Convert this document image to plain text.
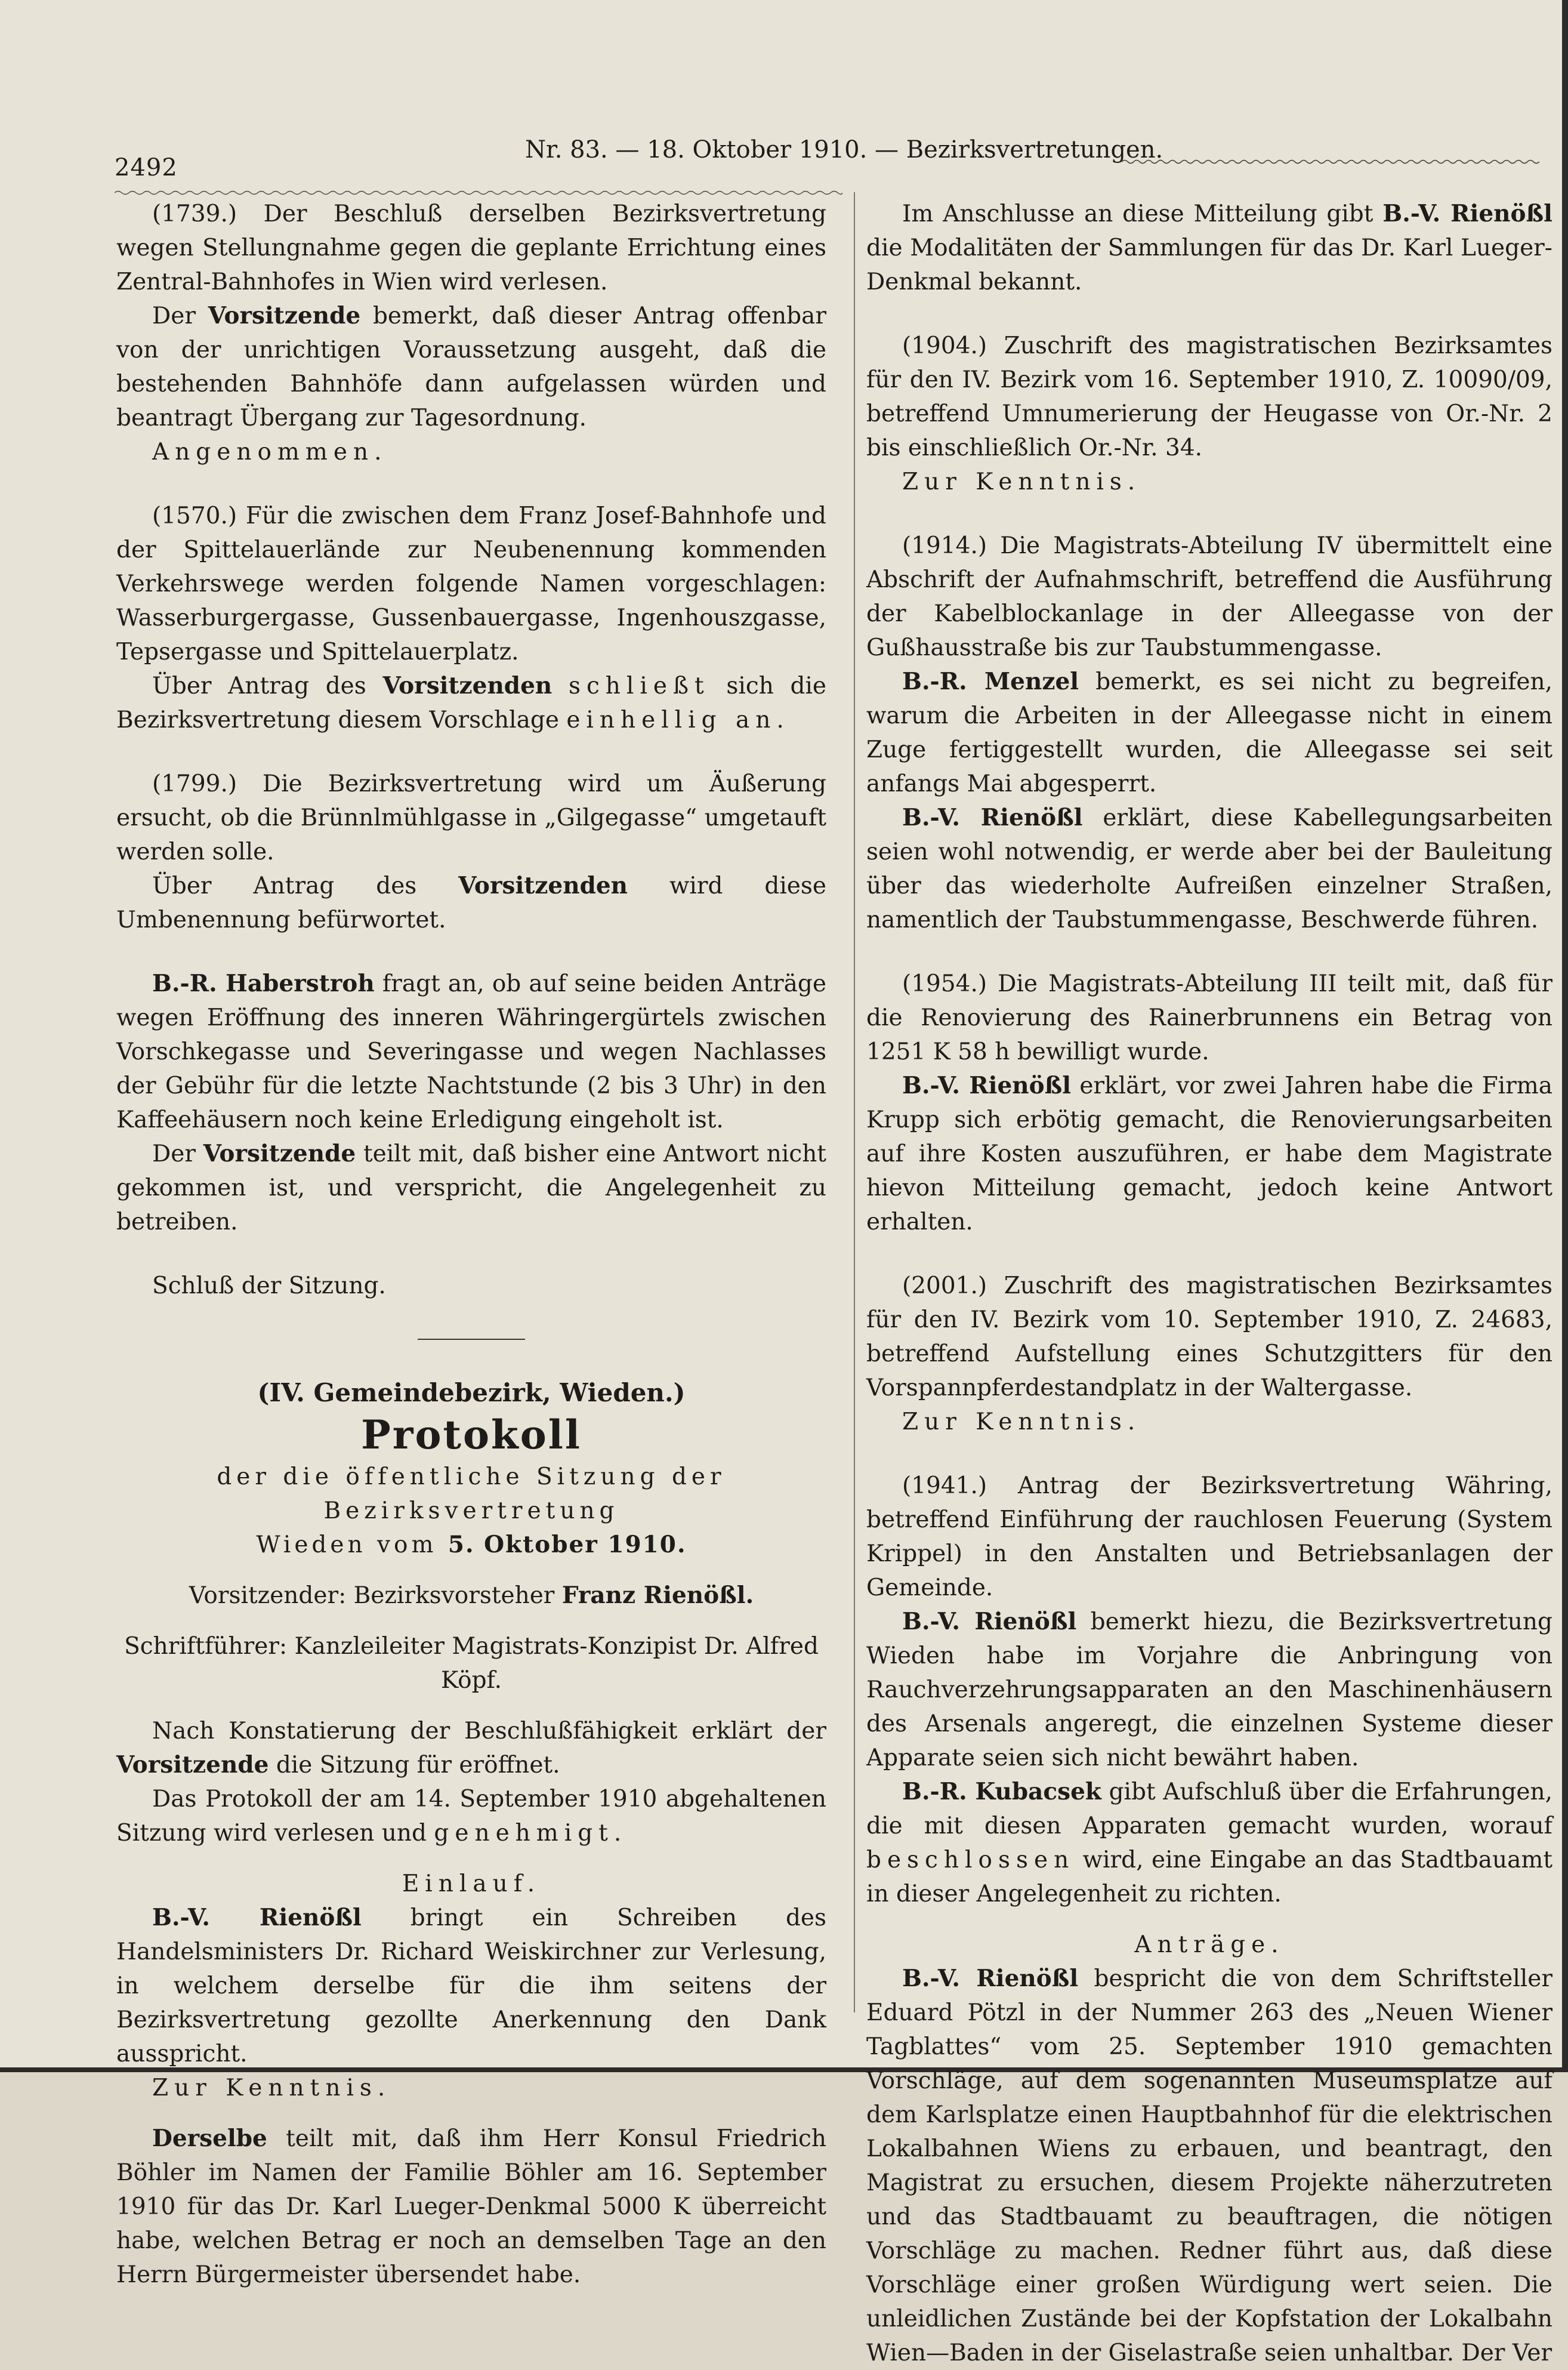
2492
Nr. 83. — 18. Oktober 1910. — Bezirksvertretungen.

(1739.) Der Beschluß derselben Bezirksvertretung wegen Stellungnahme gegen die geplante Errichtung eines Zentral-Bahnhofes in Wien wird verlesen.

Der Vorsitzende bemerkt, daß dieser Antrag offenbar von der unrichtigen Voraussetzung ausgeht, daß die bestehenden Bahnhöfe dann aufgelassen würden und beantragt Übergang zur Tagesordnung.

Angenommen.

(1570.) Für die zwischen dem Franz Josef-Bahnhofe und der Spittelauerlände zur Neubenennung kommenden Verkehrswege werden folgende Namen vorgeschlagen: Wasserburgergasse, Gussenbauergasse, Ingenhouszgasse, Tepsergasse und Spittelauerplatz.

Über Antrag des Vorsitzenden schließt sich die Bezirksvertretung diesem Vorschlage einhellig an.

(1799.) Die Bezirksvertretung wird um Äußerung ersucht, ob die Brünnlmühlgasse in „Gilgegasse“ umgetauft werden solle.

Über Antrag des Vorsitzenden wird diese Umbenennung befürwortet.

B.-R. Haberstroh fragt an, ob auf seine beiden Anträge wegen Eröffnung des inneren Währingergürtels zwischen Vorschkegasse und Severingasse und wegen Nachlasses der Gebühr für die letzte Nachtstunde (2 bis 3 Uhr) in den Kaffeehäusern noch keine Erledigung eingeholt ist.

Der Vorsitzende teilt mit, daß bisher eine Antwort nicht gekommen ist, und verspricht, die Angelegenheit zu betreiben.

Schluß der Sitzung.

(IV. Gemeindebezirk, Wieden.)

Protokoll

der die öffentliche Sitzung der Bezirksvertretung

Wieden vom 5. Oktober 1910.

Vorsitzender: Bezirksvorsteher Franz Rienößl.

Schriftführer: Kanzleileiter Magistrats-Konzipist Dr. Alfred Köpf.

Nach Konstatierung der Beschlußfähigkeit erklärt der Vorsitzende die Sitzung für eröffnet.

Das Protokoll der am 14. September 1910 abgehaltenen Sitzung wird verlesen und genehmigt.

Einlauf.

B.-V. Rienößl bringt ein Schreiben des Handelsministers Dr. Richard Weiskirchner zur Verlesung, in welchem derselbe für die ihm seitens der Bezirksvertretung gezollte Anerkennung den Dank ausspricht.

Zur Kenntnis.

Derselbe teilt mit, daß ihm Herr Konsul Friedrich Böhler im Namen der Familie Böhler am 16. September 1910 für das Dr. Karl Lueger-Denkmal 5000 K überreicht habe, welchen Betrag er noch an demselben Tage an den Herrn Bürgermeister übersendet habe.

Im Anschlusse an diese Mitteilung gibt B.-V. Rienößl die Modalitäten der Sammlungen für das Dr. Karl Lueger-Denkmal bekannt.

(1904.) Zuschrift des magistratischen Bezirksamtes für den IV. Bezirk vom 16. September 1910, Z. 10090/09, betreffend Umnumerierung der Heugasse von Or.-Nr. 2 bis einschließlich Or.-Nr. 34.

Zur Kenntnis.

(1914.) Die Magistrats-Abteilung IV übermittelt eine Abschrift der Aufnahmschrift, betreffend die Ausführung der Kabelblockanlage in der Alleegasse von der Gußhausstraße bis zur Taubstummengasse.

B.-R. Menzel bemerkt, es sei nicht zu begreifen, warum die Arbeiten in der Alleegasse nicht in einem Zuge fertiggestellt wurden, die Alleegasse sei seit anfangs Mai abgesperrt.

B.-V. Rienößl erklärt, diese Kabellegungsarbeiten seien wohl notwendig, er werde aber bei der Bauleitung über das wiederholte Aufreißen einzelner Straßen, namentlich der Taubstummengasse, Beschwerde führen.

(1954.) Die Magistrats-Abteilung III teilt mit, daß für die Renovierung des Rainerbrunnens ein Betrag von 1251 K 58 h bewilligt wurde.

B.-V. Rienößl erklärt, vor zwei Jahren habe die Firma Krupp sich erbötig gemacht, die Renovierungsarbeiten auf ihre Kosten auszuführen, er habe dem Magistrate hievon Mitteilung gemacht, jedoch keine Antwort erhalten.

(2001.) Zuschrift des magistratischen Bezirksamtes für den IV. Bezirk vom 10. September 1910, Z. 24683, betreffend Aufstellung eines Schutzgitters für den Vorspannpferdestandplatz in der Waltergasse.

Zur Kenntnis.

(1941.) Antrag der Bezirksvertretung Währing, betreffend Einführung der rauchlosen Feuerung (System Krippel) in den Anstalten und Betriebsanlagen der Gemeinde.

B.-V. Rienößl bemerkt hiezu, die Bezirksvertretung Wieden habe im Vorjahre die Anbringung von Rauchverzehrungsapparaten an den Maschinenhäusern des Arsenals angeregt, die einzelnen Systeme dieser Apparate seien sich nicht bewährt haben.

B.-R. Kubacsek gibt Aufschluß über die Erfahrungen, die mit diesen Apparaten gemacht wurden, worauf beschlossen wird, eine Eingabe an das Stadtbauamt in dieser Angelegenheit zu richten.

Anträge.

B.-V. Rienößl bespricht die von dem Schriftsteller Eduard Pötzl in der Nummer 263 des „Neuen Wiener Tagblattes“ vom 25. September 1910 gemachten Vorschläge, auf dem sogenannten Museumsplatze auf dem Karlsplatze einen Hauptbahnhof für die elektrischen Lokalbahnen Wiens zu erbauen, und beantragt, den Magistrat zu ersuchen, diesem Projekte näherzutreten und das Stadtbauamt zu beauftragen, die nötigen Vorschläge zu machen. Redner führt aus, daß diese Vorschläge einer großen Würdigung wert seien. Die unleidlichen Zustände bei der Kopfstation der Lokalbahn Wien—Baden in der Giselastraße seien unhaltbar. Der Ver
